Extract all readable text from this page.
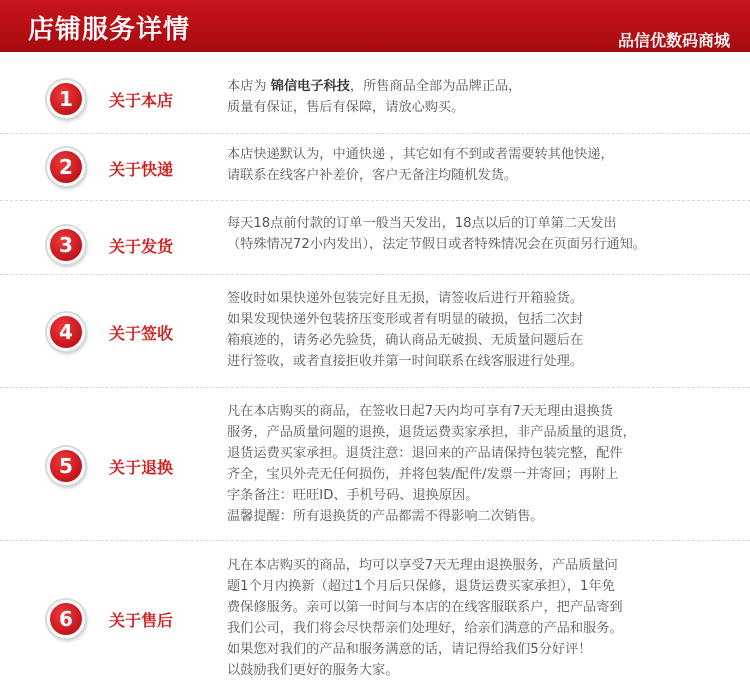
店铺服务详情	品信优数码商城
1	关于本店
本店为 锦信电子科技，所售商品全部为品牌正品，
质量有保证，售后有保障，请放心购买。
2	关于快递
本店快递默认为，中通快递 ，其它如有不到或者需要转其他快递，
请联系在线客户补差价，客户无备注均随机发货。
3	关于发货
每天18点前付款的订单一般当天发出，18点以后的订单第二天发出
（特殊情况72小内发出），法定节假日或者特殊情况会在页面另行通知。
4	关于签收
签收时如果快递外包装完好且无损，请签收后进行开箱验货。
如果发现快递外包装挤压变形或者有明显的破损，包括二次封
箱痕迹的，请务必先验货，确认商品无破损、无质量问题后在
进行签收，或者直接拒收并第一时间联系在线客服进行处理。
5	关于退换
凡在本店购买的商品，在签收日起7天内均可享有7天无理由退换货
服务，产品质量问题的退换，退货运费卖家承担，非产品质量的退货，
退货运费买家承担。退货注意：退回来的产品请保持包装完整，配件
齐全，宝贝外壳无任何损伤，并将包装/配件/发票一并寄回；再附上
字条备注：旺旺ID、手机号码、退换原因。
温馨提醒：所有退换货的产品都需不得影响二次销售。
6	关于售后
凡在本店购买的商品，均可以享受7天无理由退换服务，产品质量问
题1个月内换新（超过1个月后只保修，退货运费买家承担），1年免
费保修服务。亲可以第一时间与本店的在线客服联系户，把产品寄到
我们公司，我们将会尽快帮亲们处理好，给亲们满意的产品和服务。
如果您对我们的产品和服务满意的话，请记得给我们5分好评！
以鼓励我们更好的服务大家。
